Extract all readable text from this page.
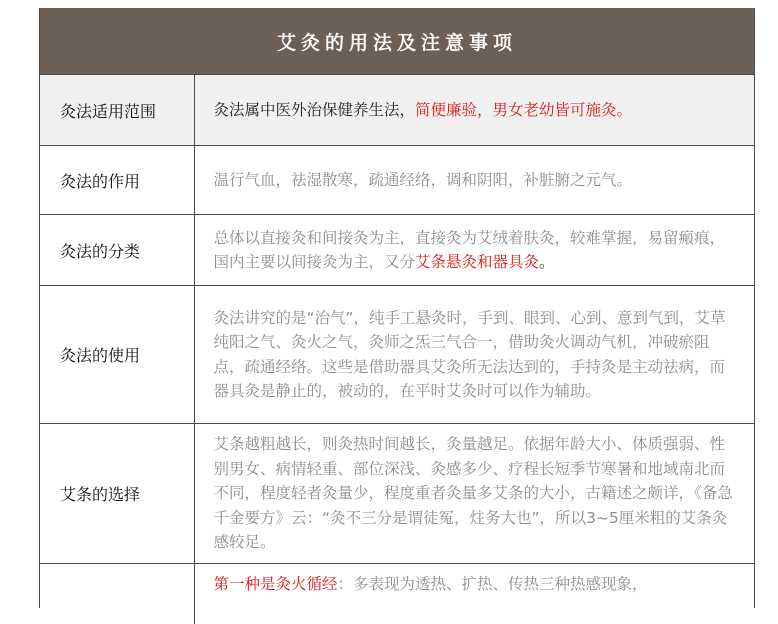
艾灸的用法及注意事项
灸法适用范围	灸法属中医外治保健养生法，简便廉验，男女老幼皆可施灸。
灸法的作用	温行气血，祛湿散寒，疏通经络，调和阴阳，补脏腑之元气。
灸法的分类	总体以直接灸和间接灸为主，直接灸为艾绒着肤灸，较难掌握，易留瘢痕，国内主要以间接灸为主，又分艾条悬灸和器具灸。
灸法的使用	灸法讲究的是“治气”，纯手工悬灸时，手到、眼到、心到、意到气到，艾草纯阳之气、灸火之气，灸师之炁三气合一，借助灸火调动气机，冲破瘀阻点，疏通经络。这些是借助器具艾灸所无法达到的，手持灸是主动祛病，而器具灸是静止的，被动的，在平时艾灸时可以作为辅助。
艾条的选择	艾条越粗越长，则灸热时间越长，灸量越足。依据年龄大小、体质强弱、性别男女、病情轻重、部位深浅、灸感多少、疗程长短季节寒暑和地域南北而不同，程度轻者灸量少，程度重者灸量多艾条的大小，古籍述之颇详，《备急千金要方》云：“灸不三分是谓徒冤，炷务大也”，所以3~5厘米粗的艾条灸感较足。
	第一种是灸火循经：多表现为透热、扩热、传热三种热感现象，
